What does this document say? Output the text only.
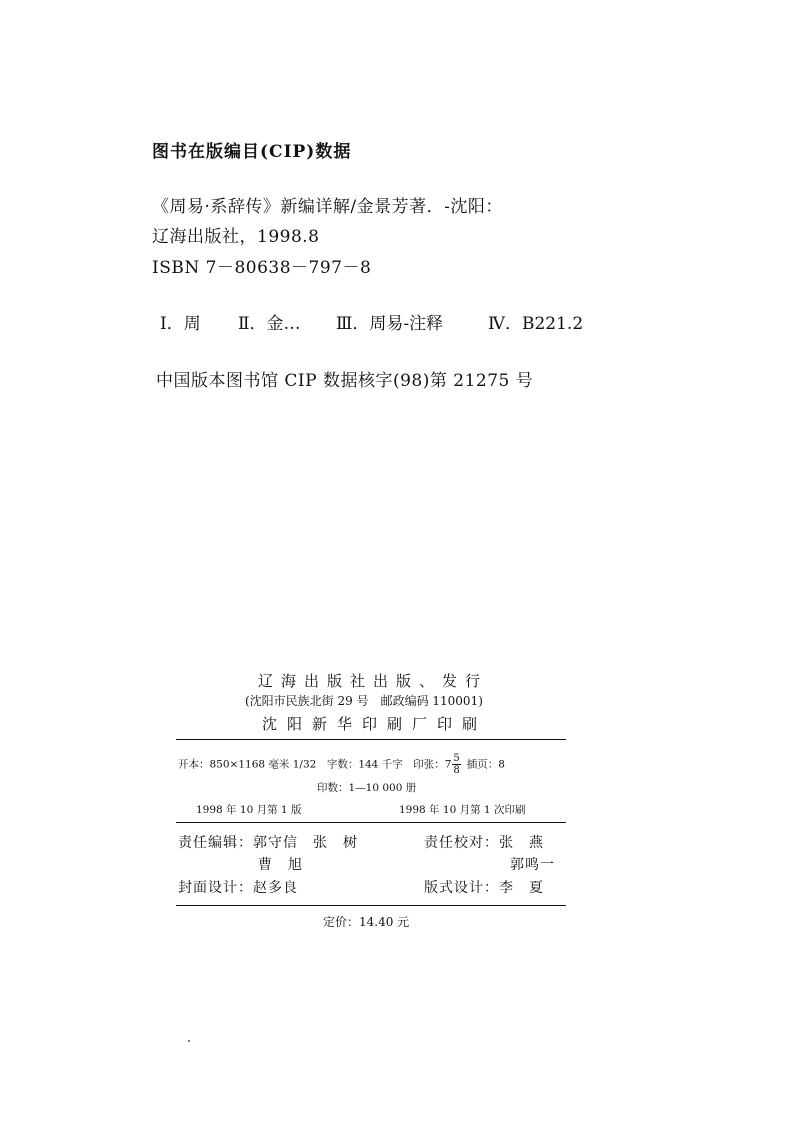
图书在版编目(CIP)数据
《周易·系辞传》新编详解/金景芳著．-沈阳：
辽海出版社，1998.8
ISBN 7－80638－797－8
Ⅰ．周 Ⅱ．金… Ⅲ．周易-注释	Ⅳ．B221.2
中国版本图书馆 CIP 数据核字(98)第 21275 号
辽海出版社出版、发行
(沈阳市民族北街 29 号　邮政编码 110001)
沈阳新华印刷厂印刷
开本：850×1168 毫米 1/32　字数：144 千字　印张：$7 \frac{5}{8}$ 插页：8
印数：1—10 000 册
1998 年 10 月第 1 版	1998 年 10 月第 1 次印刷
责任编辑：郭守信　张　树
曹　旭
封面设计：赵多良
责任校对：张　燕
郭鸣一
版式设计：李　夏
定价：14.40 元
